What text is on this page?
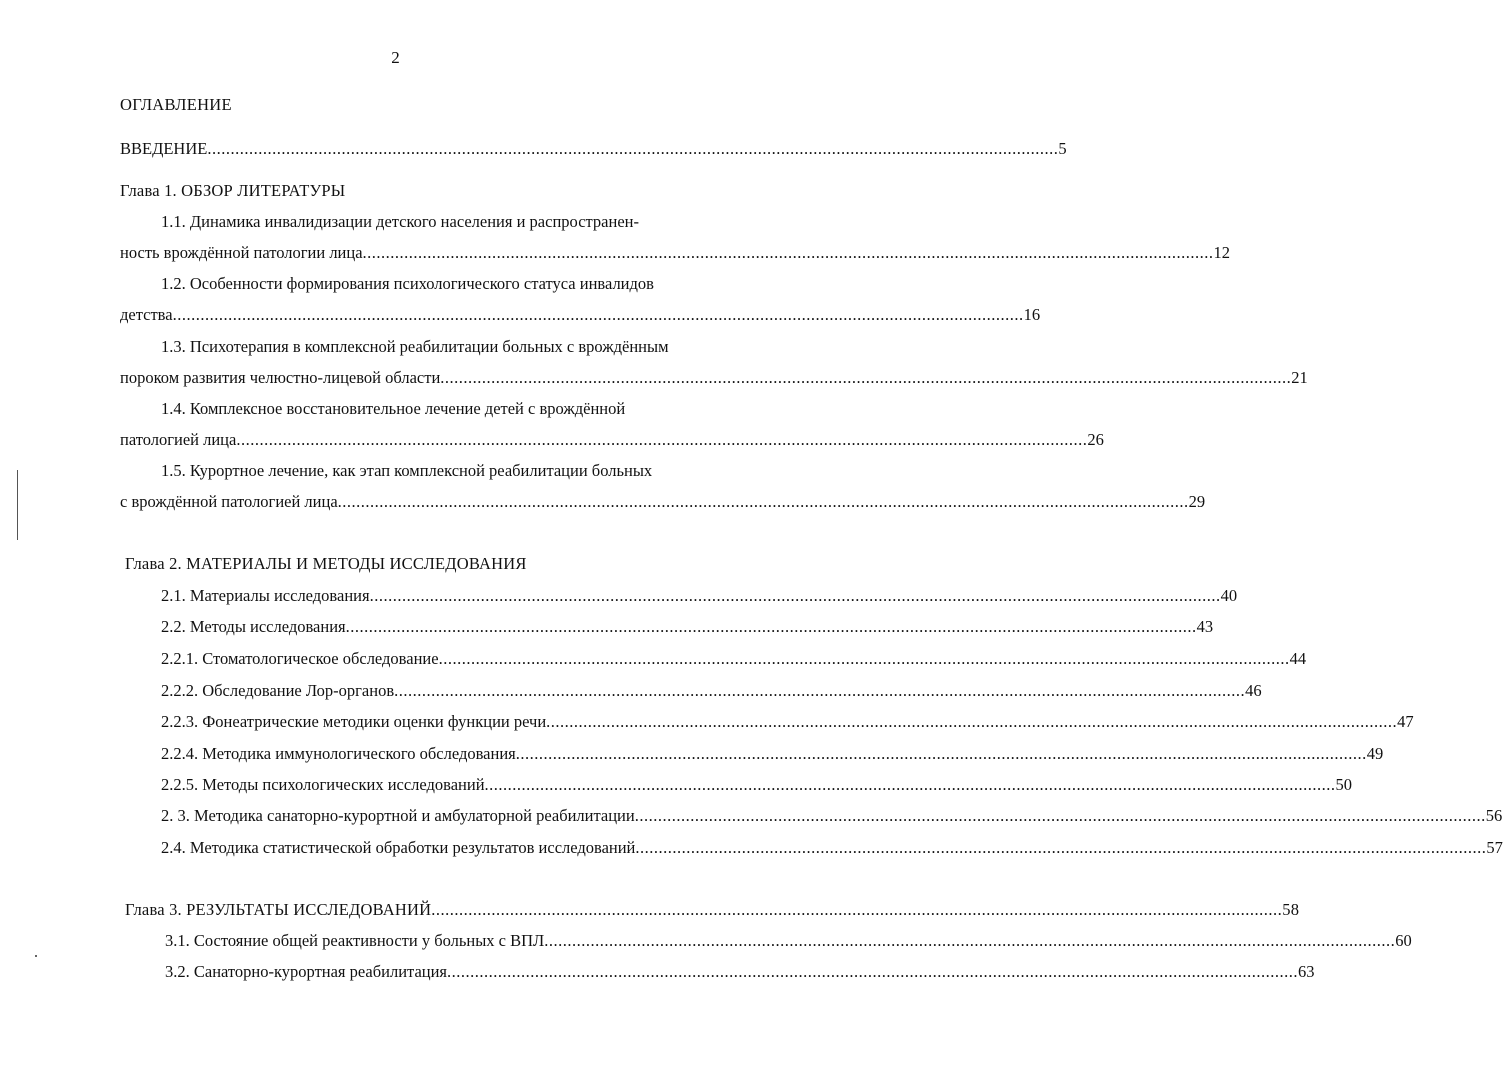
2
ОГЛАВЛЕНИЕ
ВВЕДЕНИЕ ........................................................................................................................................................................................ 5
Глава 1. ОБЗОР ЛИТЕРАТУРЫ
1.1. Динамика инвалидизации детского населения и распространен-
ность врождённой патологии лица ........................................................................................................................................................................................ 12
1.2. Особенности формирования психологического статуса инвалидов
детства ........................................................................................................................................................................................ 16
1.3. Психотерапия в комплексной реабилитации больных с врождённым
пороком развития челюстно-лицевой области ........................................................................................................................................................................................ 21
1.4. Комплексное восстановительное лечение детей с врождённой
патологией лица ........................................................................................................................................................................................ 26
1.5. Курортное лечение, как этап комплексной реабилитации больных
с врождённой патологией лица ........................................................................................................................................................................................ 29
Глава 2. МАТЕРИАЛЫ И МЕТОДЫ ИССЛЕДОВАНИЯ
2.1. Материалы исследования ........................................................................................................................................................................................ 40
2.2. Методы исследования ........................................................................................................................................................................................ 43
2.2.1. Стоматологическое обследование ........................................................................................................................................................................................ 44
2.2.2. Обследование Лор-органов ........................................................................................................................................................................................ 46
2.2.3. Фонеатрические методики оценки функции речи ........................................................................................................................................................................................ 47
2.2.4. Методика иммунологического обследования ........................................................................................................................................................................................ 49
2.2.5. Методы психологических исследований ........................................................................................................................................................................................ 50
2. 3. Методика санаторно-курортной и амбулаторной реабилитации ........................................................................................................................................................................................ 56
2.4. Методика статистической обработки результатов исследований ........................................................................................................................................................................................ 57
Глава 3. РЕЗУЛЬТАТЫ ИССЛЕДОВАНИЙ ........................................................................................................................................................................................ 58
3.1. Состояние общей реактивности у больных с ВПЛ ........................................................................................................................................................................................ 60
3.2. Санаторно-курортная реабилитация ........................................................................................................................................................................................ 63
